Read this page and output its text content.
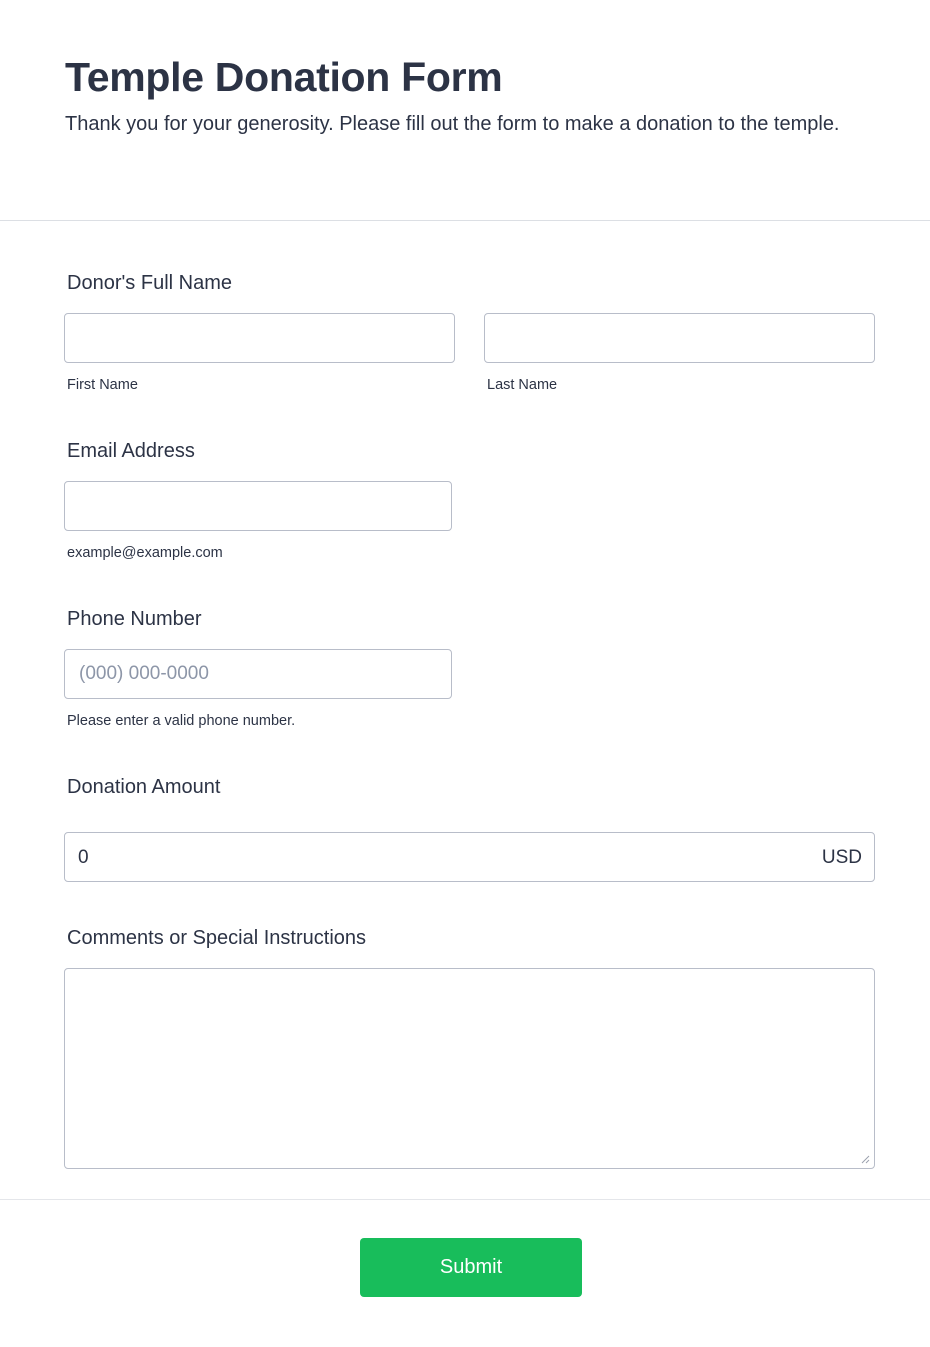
Temple Donation Form

Thank you for your generosity. Please fill out the form to make a donation to the temple.

Donor's Full Name
First Name	Last Name
Email Address
example@example.com
Phone Number
(000) 000-0000
Please enter a valid phone number.
Donation Amount
0	USD
Comments or Special Instructions
Submit
